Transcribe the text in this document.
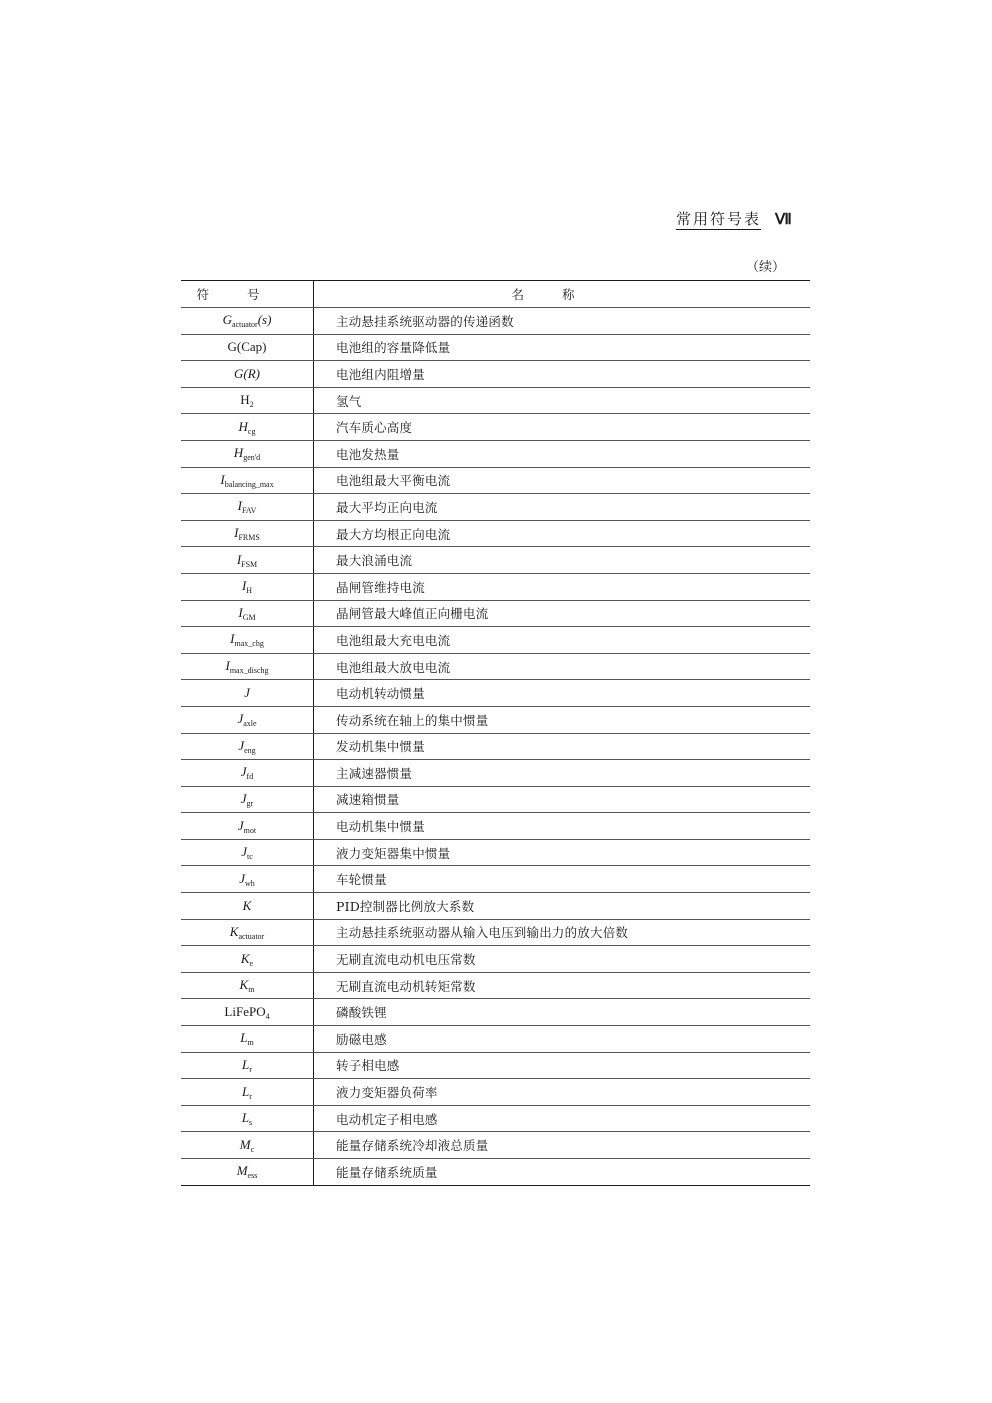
常用符号表 Ⅶ
（续）
符号	名称
$G_{actuator}(s)$	主动悬挂系统驱动器的传递函数
G(Cap)	电池组的容量降低量
G(R)	电池组内阻增量
$H_2$	氢气
$H_{cg}$	汽车质心高度
$H_{gen'd}$	电池发热量
$I_{balancing\_max}$	电池组最大平衡电流
$I_{FAV}$	最大平均正向电流
$I_{FRMS}$	最大方均根正向电流
$I_{FSM}$	最大浪涌电流
$I_H$	晶闸管维持电流
$I_{GM}$	晶闸管最大峰值正向栅电流
$I_{max\_chg}$	电池组最大充电电流
$I_{max\_dischg}$	电池组最大放电电流
J	电动机转动惯量
$J_{axle}$	传动系统在轴上的集中惯量
$J_{eng}$	发动机集中惯量
$J_{fd}$	主减速器惯量
$J_{gr}$	减速箱惯量
$J_{mot}$	电动机集中惯量
$J_{tc}$	液力变矩器集中惯量
$J_{wh}$	车轮惯量
K	PID控制器比例放大系数
$K_{actuator}$	主动悬挂系统驱动器从输入电压到输出力的放大倍数
$K_e$	无刷直流电动机电压常数
$K_m$	无刷直流电动机转矩常数
LiFePO$_4$	磷酸铁锂
$L_m$	励磁电感
$L_r$	转子相电感
$L_r$	液力变矩器负荷率
$L_s$	电动机定子相电感
$M_c$	能量存储系统冷却液总质量
$M_{ess}$	能量存储系统质量
